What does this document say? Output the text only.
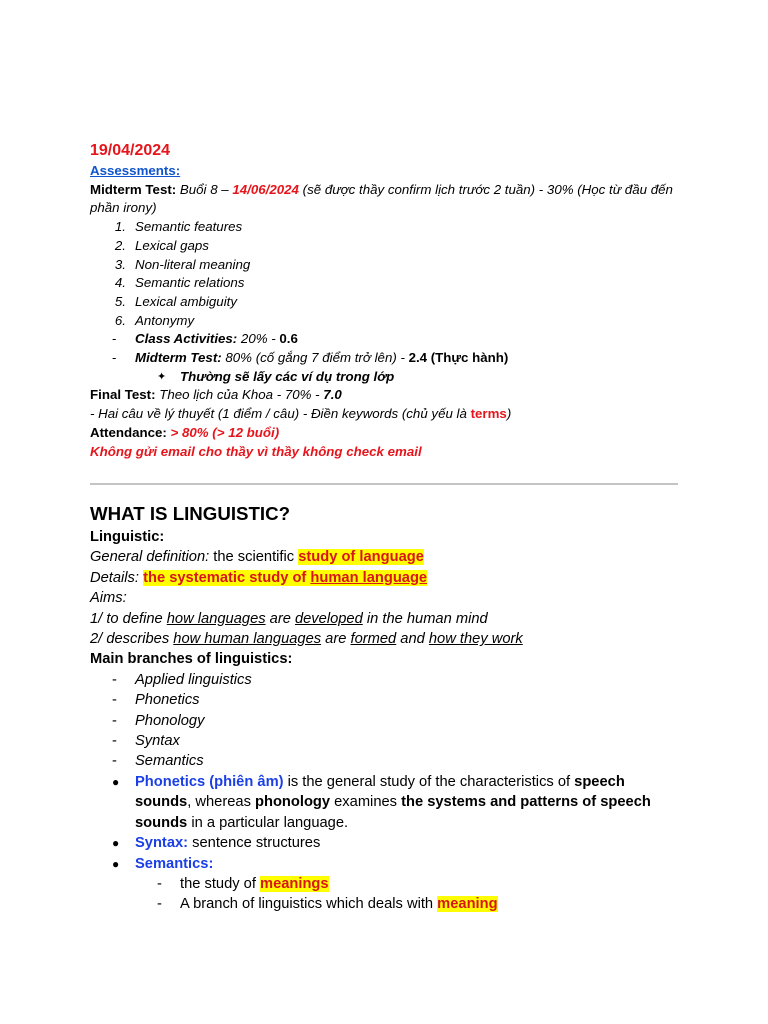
19/04/2024
Assessments:
Midterm Test: Buổi 8 – 14/06/2024 (sẽ được thầy confirm lịch trước 2 tuần) - 30% (Học từ đầu đến phần irony)
1. Semantic features
2. Lexical gaps
3. Non-literal meaning
4. Semantic relations
5. Lexical ambiguity
6. Antonymy
-	Class Activities: 20% - 0.6
-	Midterm Test: 80% (cố gắng 7 điểm trở lên) - 2.4 (Thực hành)
✦ Thường sẽ lấy các ví dụ trong lớp
Final Test: Theo lịch của Khoa - 70% - 7.0
- Hai câu về lý thuyết (1 điểm / câu) - Điền keywords (chủ yếu là terms)
Attendance: > 80% (> 12 buổi)
Không gửi email cho thầy vì thầy không check email
WHAT IS LINGUISTIC?
Linguistic:
General definition: the scientific study of language
Details: the systematic study of human language
Aims:
1/ to define how languages are developed in the human mind
2/ describes how human languages are formed and how they work
Main branches of linguistics:
-	Applied linguistics
-	Phonetics
-	Phonology
-	Syntax
-	Semantics
● Phonetics (phiên âm) is the general study of the characteristics of speech sounds, whereas phonology examines the systems and patterns of speech sounds in a particular language.
● Syntax: sentence structures
● Semantics:
-	the study of meanings
-	A branch of linguistics which deals with meaning
